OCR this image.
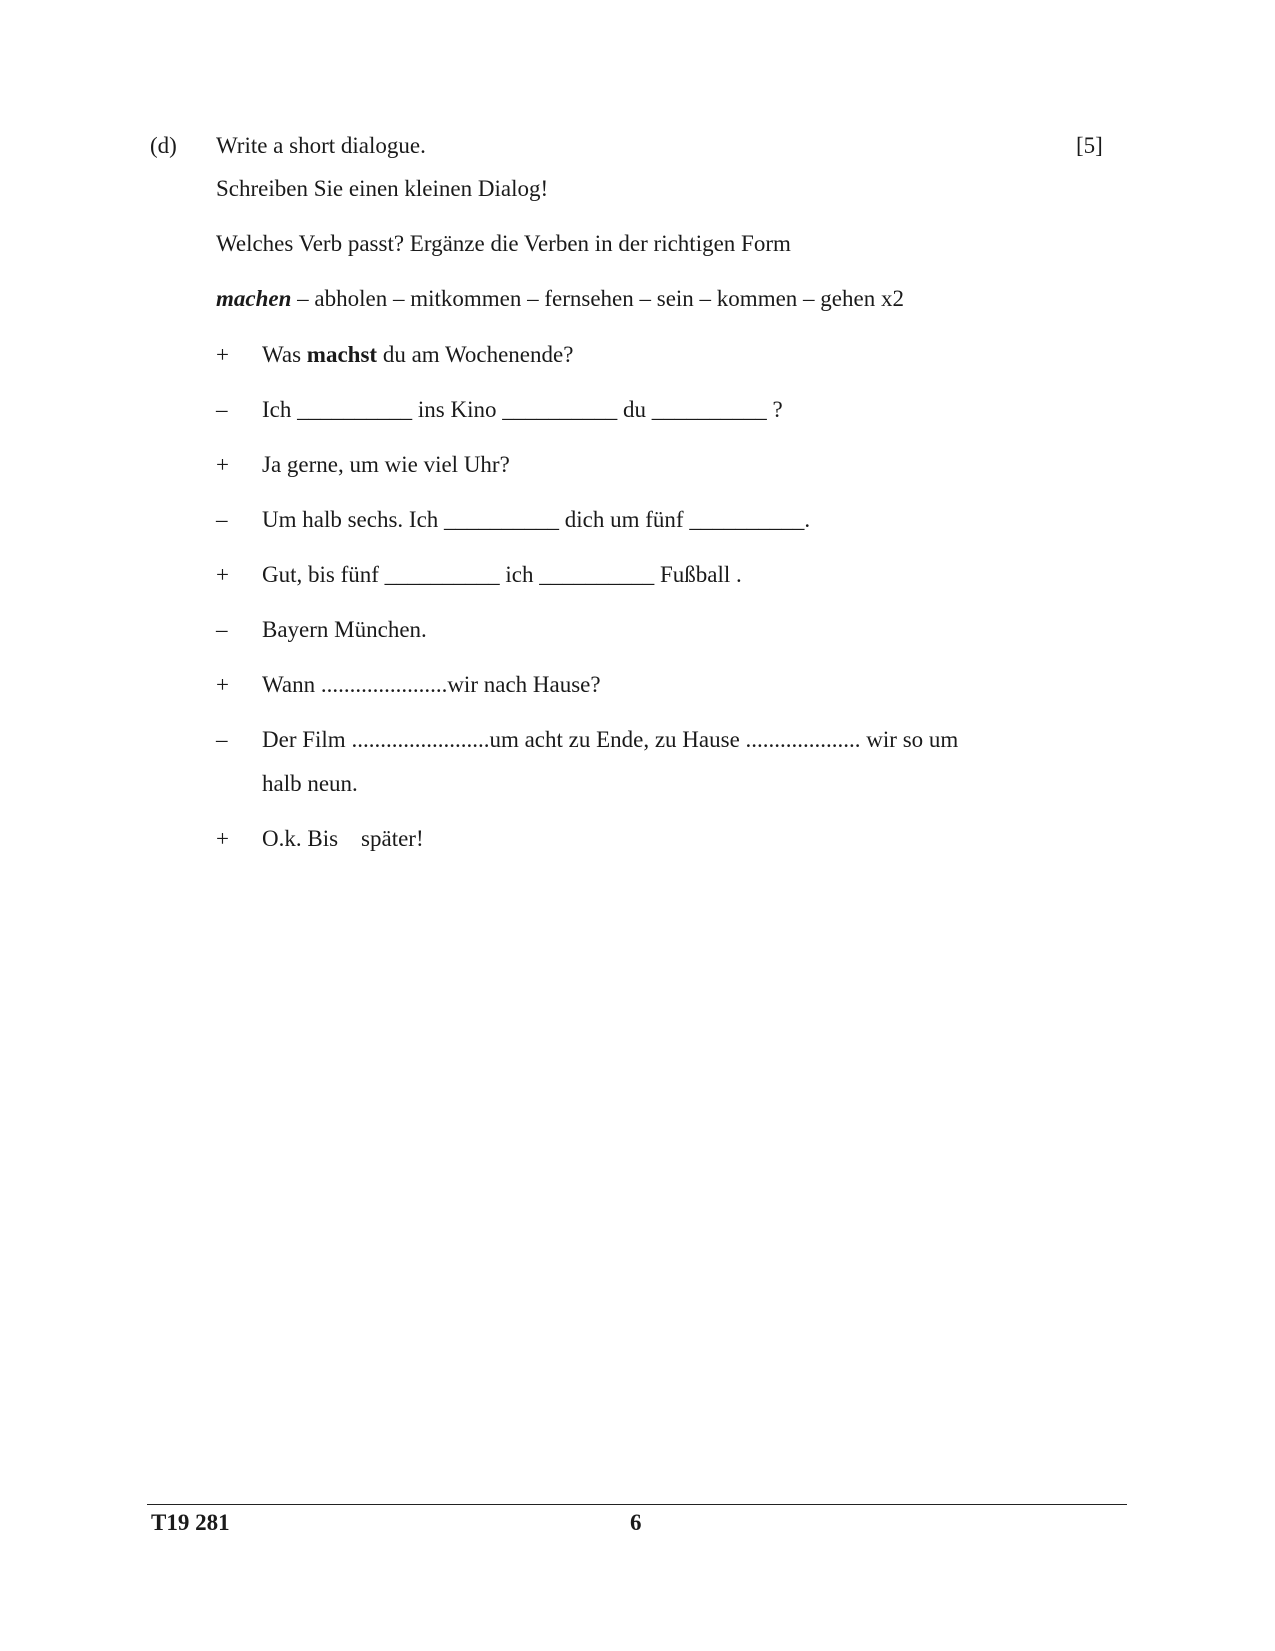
(d) Write a short dialogue.	[5]
Schreiben Sie einen kleinen Dialog!
Welches Verb passt? Ergänze die Verben in der richtigen Form
machen – abholen – mitkommen – fernsehen – sein – kommen – gehen x2
+	Was machst du am Wochenende?
–	Ich __________ ins Kino __________ du __________ ?
+	Ja gerne, um wie viel Uhr?
–	Um halb sechs. Ich __________ dich um fünf __________.
+	Gut, bis fünf __________ ich __________ Fußball .
–	Bayern München.
+	Wann ......................wir nach Hause?
–	Der Film ........................um acht zu Ende, zu Hause .................... wir so um
halb neun.
+	O.k. Bis    später!
T19 281	6
